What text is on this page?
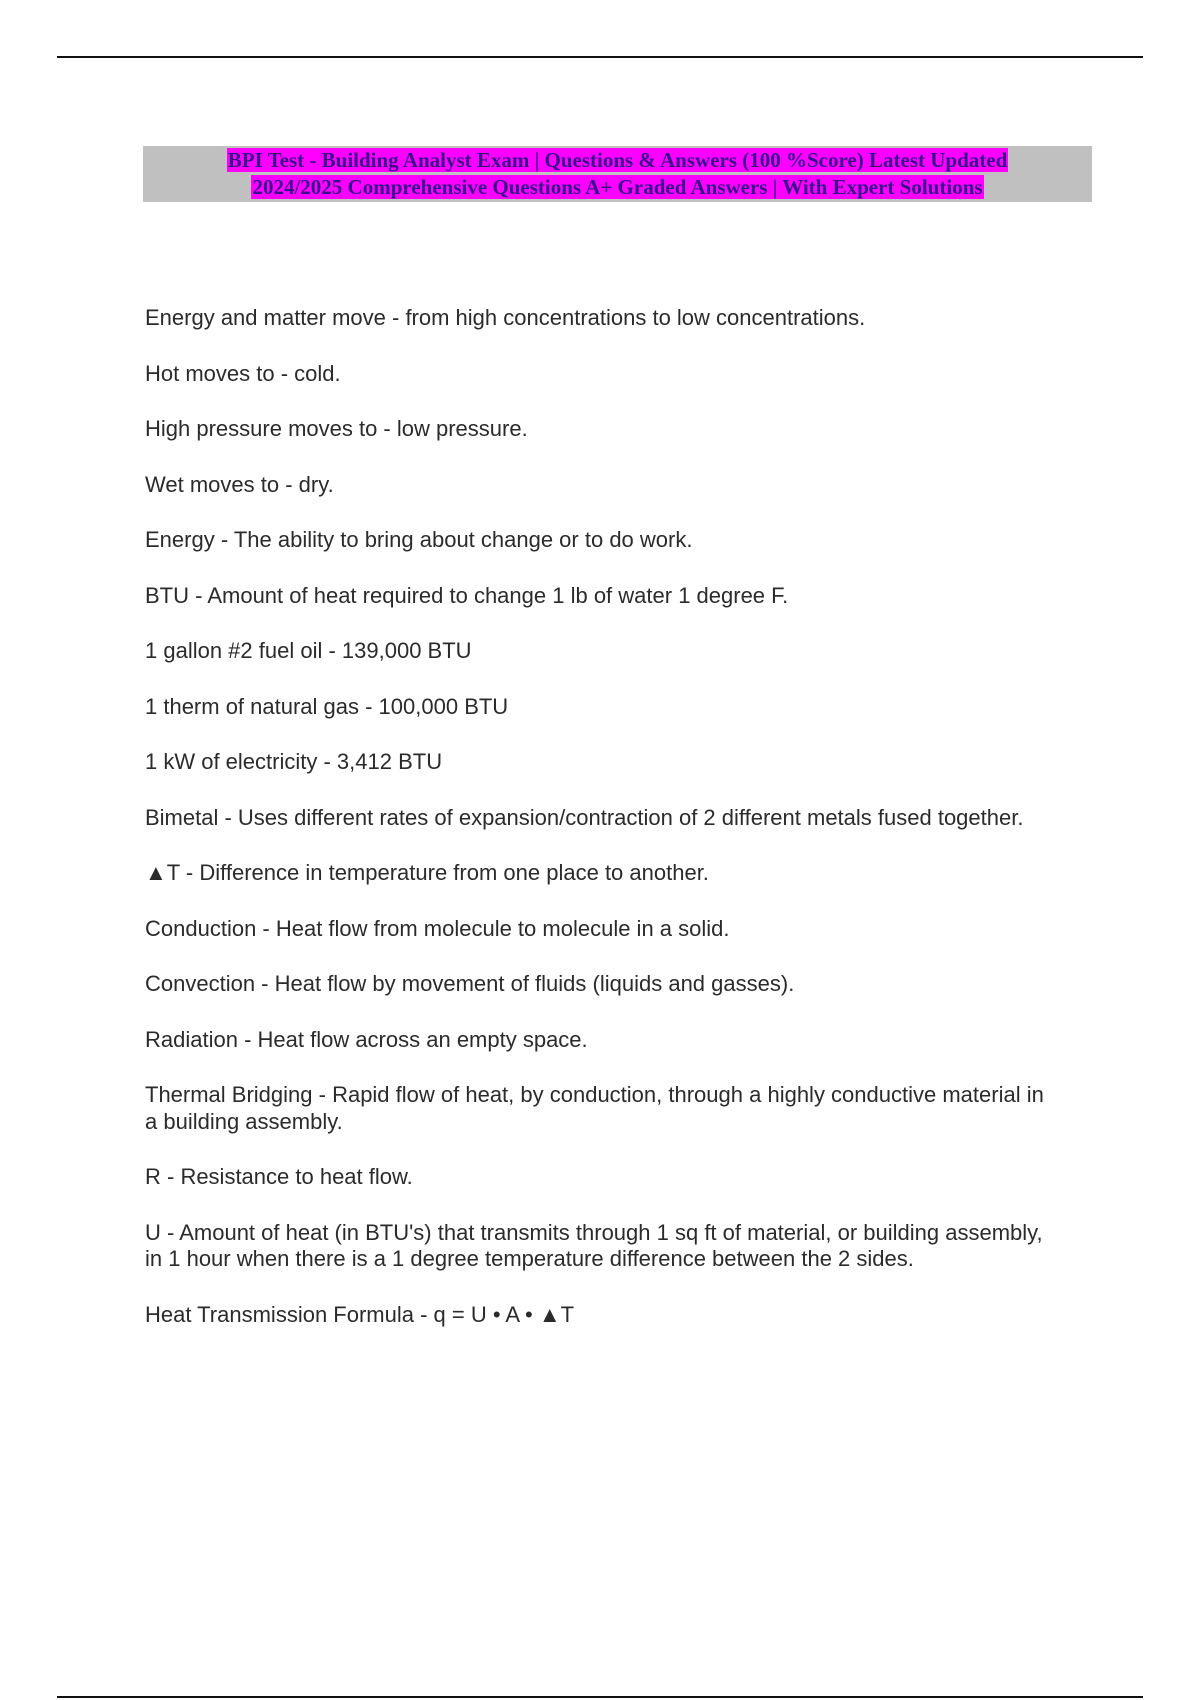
BPI Test - Building Analyst Exam | Questions & Answers (100 %Score) Latest Updated
2024/2025 Comprehensive Questions A+ Graded Answers | With Expert Solutions
Energy and matter move - from high concentrations to low concentrations.
Hot moves to - cold.
High pressure moves to - low pressure.
Wet moves to - dry.
Energy - The ability to bring about change or to do work.
BTU - Amount of heat required to change 1 lb of water 1 degree F.
1 gallon #2 fuel oil - 139,000 BTU
1 therm of natural gas - 100,000 BTU
1 kW of electricity - 3,412 BTU
Bimetal - Uses different rates of expansion/contraction of 2 different metals fused together.
▲T - Difference in temperature from one place to another.
Conduction - Heat flow from molecule to molecule in a solid.
Convection - Heat flow by movement of fluids (liquids and gasses).
Radiation - Heat flow across an empty space.
Thermal Bridging - Rapid flow of heat, by conduction, through a highly conductive material in a building assembly.
R - Resistance to heat flow.
U - Amount of heat (in BTU's) that transmits through 1 sq ft of material, or building assembly, in 1 hour when there is a 1 degree temperature difference between the 2 sides.
Heat Transmission Formula - q = U • A • ▲T
